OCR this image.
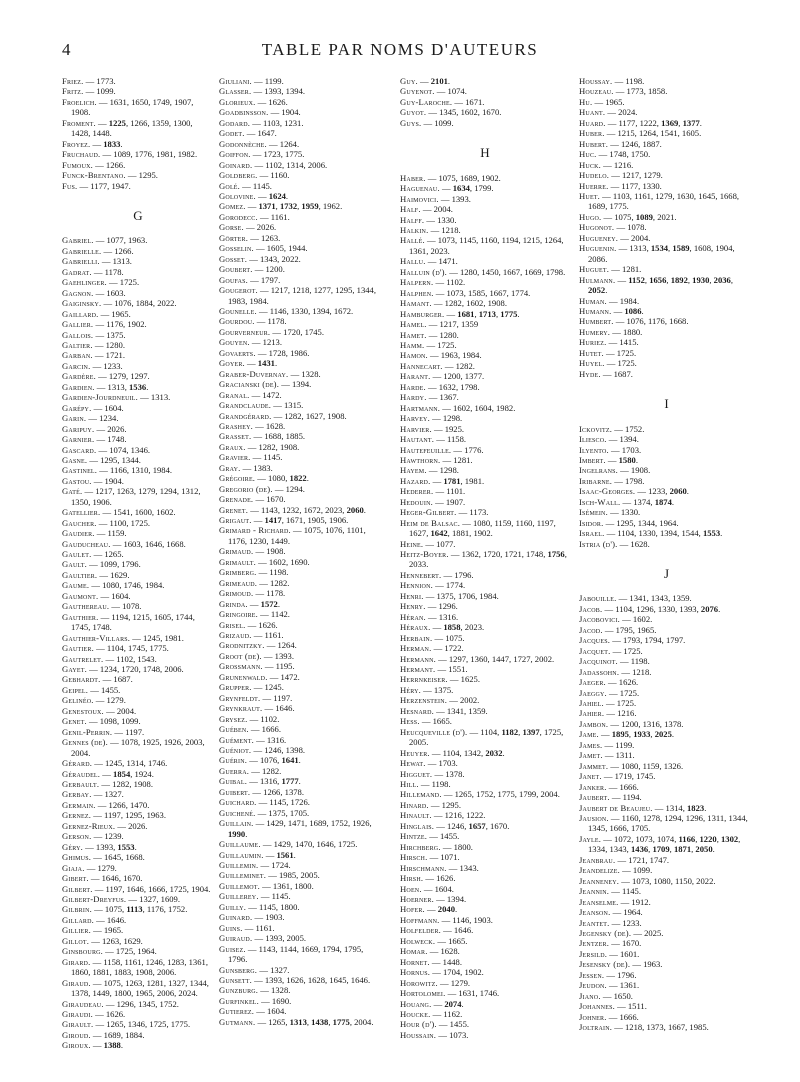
4	TABLE PAR NOMS D'AUTEURS

Friez. — 1773.

Fritz. — 1099.

Froelich. — 1631, 1650, 1749, 1907, 1908.

Froment. — 1225, 1266, 1359, 1300, 1428, 1448.

Froyez. — 1833.

Fruchaud. — 1089, 1776, 1981, 1982.

Fumoux. — 1266.

Funck-Brentano. — 1295.

Fus. — 1177, 1947.

G

Gabriel. — 1077, 1963.

Gabrielle. — 1266.

Gabrielli. — 1313.

Gadrat. — 1178.

Gaehlinger. — 1725.

Gagnon. — 1603.

Gaiginsky. — 1076, 1884, 2022.

Gaillard. — 1965.

Gallier. — 1176, 1902.

Gallois. — 1375.

Galtier. — 1280.

Garban. — 1721.

Garcin. — 1233.

Gardère. — 1279, 1297.

Gardien. — 1313, 1536.

Gardien-Jourdneuil. — 1313.

Garépy. — 1604.

Garin. — 1234.

Garipuy. — 2026.

Garnier. — 1748.

Gascard. — 1074, 1346.

Gasne. — 1295, 1344.

Gastinel. — 1166, 1310, 1984.

Gastou. — 1904.

Gaté. — 1217, 1263, 1279, 1294, 1312, 1350, 1906.

Gatellier. — 1541, 1600, 1602.

Gaucher. — 1100, 1725.

Gaudier. — 1159.

Gauducheau. — 1603, 1646, 1668.

Gaulet. — 1265.

Gault. — 1099, 1796.

Gaultier. — 1629.

Gaume. — 1080, 1746, 1984.

Gaumont. — 1604.

Gauthereau. — 1078.

Gauthier. — 1194, 1215, 1605, 1744, 1745, 1748.

Gauthier-Villars. — 1245, 1981.

Gautier. — 1104, 1745, 1775.

Gautrelet. — 1102, 1543.

Gayet. — 1234, 1720, 1748, 2006.

Gebhardt. — 1687.

Geipel. — 1455.

Gelinéo. — 1279.

Genestoux. — 2004.

Genet. — 1098, 1099.

Genil-Perrin. — 1197.

Gennes (de). — 1078, 1925, 1926, 2003, 2004.

Gérard. — 1245, 1314, 1746.

Géraudel. — 1854, 1924.

Gerbault. — 1282, 1908.

Gerbay. — 1327.

Germain. — 1266, 1470.

Gernez. — 1197, 1295, 1963.

Gernez-Rieux. — 2026.

Gerson. — 1239.

Géry. — 1393, 1553.

Ghimus. — 1645, 1668.

Giaja. — 1279.

Gibert. — 1646, 1670.

Gilbert. — 1197, 1646, 1666, 1725, 1904.

Gilbert-Dreyfus. — 1327, 1609.

Gilbrin. — 1075, 1113, 1176, 1752.

Gillard. — 1646.

Gillier. — 1965.

Gillot. — 1263, 1629.

Ginsbourg. — 1725, 1964.

Girard. — 1158, 1161, 1246, 1283, 1361, 1860, 1881, 1883, 1908, 2006.

Giraud. — 1075, 1263, 1281, 1327, 1344, 1378, 1449, 1800, 1965, 2006, 2024.

Giraudeau. — 1296, 1345, 1752.

Giraudi. — 1626.

Girault. — 1265, 1346, 1725, 1775.

Giroud. — 1689, 1884.

Giroux. — 1388.

Giuliani. — 1199.

Glasser. — 1393, 1394.

Glorieux. — 1626.

Goadbinsson. — 1904.

Godard. — 1103, 1231.

Godet. — 1647.

Godonnèche. — 1264.

Goiffon. — 1723, 1775.

Goinard. — 1102, 1314, 2006.

Goldberg. — 1160.

Golé. — 1145.

Golovine. — 1624.

Gomez. — 1371, 1732, 1959, 1962.

Gorodecc. — 1161.

Gorse. — 2026.

Görter. — 1263.

Gosselin. — 1605, 1944.

Gosset. — 1343, 2022.

Goubert. — 1200.

Goufas. — 1797.

Gougerot. — 1217, 1218, 1277, 1295, 1344, 1983, 1984.

Gounelle. — 1146, 1330, 1394, 1672.

Gourdou. — 1178.

Gourverneur. — 1720, 1745.

Gouyen. — 1213.

Govaerts. — 1728, 1986.

Goyer. — 1431.

Graber-Duvernay. — 1328.

Gracianski (de). — 1394.

Granal. — 1472.

Grandclaude. — 1315.

Grandgérard. — 1282, 1627, 1908.

Grashey. — 1628.

Grasset. — 1688, 1885.

Graux. — 1282, 1908.

Gravier. — 1145.

Gray. — 1383.

Grégoire. — 1080, 1822.

Gregorio (de). — 1294.

Grenade. — 1670.

Grenet. — 1143, 1232, 1672, 2023, 2060.

Grigaut. — 1417, 1671, 1905, 1906.

Grimard - Richard. — 1075, 1076, 1101, 1176, 1230, 1449.

Grimaud. — 1908.

Grimault. — 1602, 1690.

Grimberg. — 1198.

Grimeaud. — 1282.

Grimoud. — 1178.

Grinda. — 1572.

Gringoire. — 1142.

Grisel. — 1626.

Grizaud. — 1161.

Grodnitzky. — 1264.

Groot (de). — 1393.

Grossmann. — 1195.

Grunenwald. — 1472.

Grupper. — 1245.

Grynfeldt. — 1197.

Grynkraut. — 1646.

Grysez. — 1102.

Guében. — 1666.

Guément. — 1316.

Guéniot. — 1246, 1398.

Guérin. — 1076, 1641.

Guerra. — 1282.

Guibal. — 1316, 1777.

Guibert. — 1266, 1378.

Guichard. — 1145, 1726.

Guichené. — 1375, 1705.

Guillain. — 1429, 1471, 1689, 1752, 1926, 1990.

Guillaume. — 1429, 1470, 1646, 1725.

Guillaumin. — 1561.

Guillemin. — 1724.

Guilleminet. — 1985, 2005.

Guillemot. — 1361, 1800.

Guillerey. — 1145.

Guilly. — 1145, 1800.

Guinard. — 1903.

Guins. — 1161.

Guiraud. — 1393, 2005.

Guisez. — 1143, 1144, 1669, 1794, 1795, 1796.

Gunsberg. — 1327.

Gunsett. — 1393, 1626, 1628, 1645, 1646.

Gunzburg. — 1328.

Gurfinkel. — 1690.

Gutierez. — 1604.

Gutmann. — 1265, 1313, 1438, 1775, 2004.

Guy. — 2101.

Guyenot. — 1074.

Guy-Laroche. — 1671.

Guyot. — 1345, 1602, 1670.

Guys. — 1099.

H

Haber. — 1075, 1689, 1902.

Haguenau. — 1634, 1799.

Haimovici. — 1393.

Half. — 2004.

Halff. — 1330.

Halkin. — 1218.

Hallé. — 1073, 1145, 1160, 1194, 1215, 1264, 1361, 2023.

Hallu. — 1471.

Halluin (d'). — 1280, 1450, 1667, 1669, 1798.

Halpern. — 1102.

Halphen. — 1073, 1585, 1667, 1774.

Hamant. — 1282, 1602, 1908.

Hamburger. — 1681, 1713, 1775.

Hamel. — 1217, 1359

Hamet. — 1280.

Hamm. — 1725.

Hamon. — 1963, 1984.

Hannecart. — 1282.

Harant. — 1200, 1377.

Harde. — 1632, 1798.

Hardy. — 1367.

Hartmann. — 1602, 1604, 1982.

Harvey. — 1298.

Harvier. — 1925.

Hautant. — 1158.

Hautefeuille. — 1776.

Hawthorn. — 1281.

Hayem. — 1298.

Hazard. — 1781, 1981.

Hederer. — 1101.

Hedouin. — 1907.

Heger-Gilbert. — 1173.

Heim de Balsac. — 1080, 1159, 1160, 1197, 1627, 1642, 1881, 1902.

Heine. — 1077.

Heitz-Boyer. — 1362, 1720, 1721, 1748, 1756, 2033.

Hennebert. — 1796.

Hennion. — 1774.

Henri. — 1375, 1706, 1984.

Henry. — 1296.

Héran. — 1316.

Héraux. — 1858, 2023.

Herbain. — 1075.

Herman. — 1722.

Hermann. — 1297, 1360, 1447, 1727, 2002.

Hermant. — 1551.

Herrnkeiser. — 1625.

Héry. — 1375.

Herzenstein. — 2002.

Hesnard. — 1341, 1359.

Hess. — 1665.

Heucqueville (d'). — 1104, 1182, 1397, 1725, 2005.

Heuyer. — 1104, 1342, 2032.

Hewat. — 1703.

Higguet. — 1378.

Hill. — 1198.

Hillemand. — 1265, 1752, 1775, 1799, 2004.

Hinard. — 1295.

Hinault. — 1216, 1222.

Hinglais. — 1246, 1657, 1670.

Hintze. — 1455.

Hirchberg. — 1800.

Hirsch. — 1071.

Hirschmann. — 1343.

Hirsh. — 1626.

Hoen. — 1604.

Hoerner. — 1394.

Hofer. — 2040.

Hoffmann. — 1146, 1903.

Holfelder. — 1646.

Holweck. — 1665.

Homar. — 1628.

Hornet. — 1448.

Hornus. — 1704, 1902.

Horowitz. — 1279.

Hortolomei. — 1631, 1746.

Houang. — 2074.

Houcke. — 1162.

Hour (d'). — 1455.

Houssain. — 1073.

Houssay. — 1198.

Houzeau. — 1773, 1858.

Hu. — 1965.

Huant. — 2024.

Huard. — 1177, 1222, 1369, 1377.

Huber. — 1215, 1264, 1541, 1605.

Hubert. — 1246, 1887.

Huc. — 1748, 1750.

Huck. — 1216.

Hudelo. — 1217, 1279.

Huerre. — 1177, 1330.

Huet. — 1103, 1161, 1279, 1630, 1645, 1668, 1689, 1775.

Hugo. — 1075, 1089, 2021.

Hugonot. — 1078.

Hugueney. — 2004.

Huguenin. — 1313, 1534, 1589, 1608, 1904, 2086.

Huguet. — 1281.

Hulmann. — 1152, 1656, 1892, 1930, 2036, 2052.

Human. — 1984.

Humann. — 1086.

Humbert. — 1076, 1176, 1668.

Humery. — 1880.

Huriez. — 1415.

Hutet. — 1725.

Huyel. — 1725.

Hyde. — 1687.

I

Ickovitz. — 1752.

Iliesco. — 1394.

Ilyento. — 1703.

Imbert. — 1580.

Ingelrans. — 1908.

Iribarne. — 1798.

Isaac-Georges. — 1233, 2060.

Isch-Wall. — 1374, 1874.

Isémein. — 1330.

Isidor. — 1295, 1344, 1964.

Israel. — 1104, 1330, 1394, 1544, 1553.

Istria (d'). — 1628.

J

Jabouille. — 1341, 1343, 1359.

Jacob. — 1104, 1296, 1330, 1393, 2076.

Jacobovici. — 1602.

Jacod. — 1795, 1965.

Jacques. — 1793, 1794, 1797.

Jacquet. — 1725.

Jacquinot. — 1198.

Jadassohn. — 1218.

Jaeger. — 1626.

Jaeggy. — 1725.

Jahiel. — 1725.

Jahier. — 1216.

Jambon. — 1200, 1316, 1378.

Jame. — 1895, 1933, 2025.

James. — 1199.

Jamet. — 1311.

Jammet. — 1080, 1159, 1326.

Janet. — 1719, 1745.

Janker. — 1666.

Jaubert. — 1194.

Jaubert de Beaujeu. — 1314, 1823.

Jausion. — 1160, 1278, 1294, 1296, 1311, 1344, 1345, 1666, 1705.

Jayle. — 1072, 1073, 1074, 1166, 1220, 1302, 1334, 1343, 1436, 1709, 1871, 2050.

Jeanbrau. — 1721, 1747.

Jeandelize. — 1099.

Jeanneney. — 1073, 1080, 1150, 2022.

Jeannin. — 1145.

Jeanselme. — 1912.

Jeanson. — 1964.

Jeantet. — 1233.

Jegensky (de). — 2025.

Jentzer. — 1670.

Jersild. — 1601.

Jesensky (de). — 1963.

Jessen. — 1796.

Jeudon. — 1361.

Jiano. — 1650.

Johannes. — 1511.

Johner. — 1666.

Joltrain. — 1218, 1373, 1667, 1985.
